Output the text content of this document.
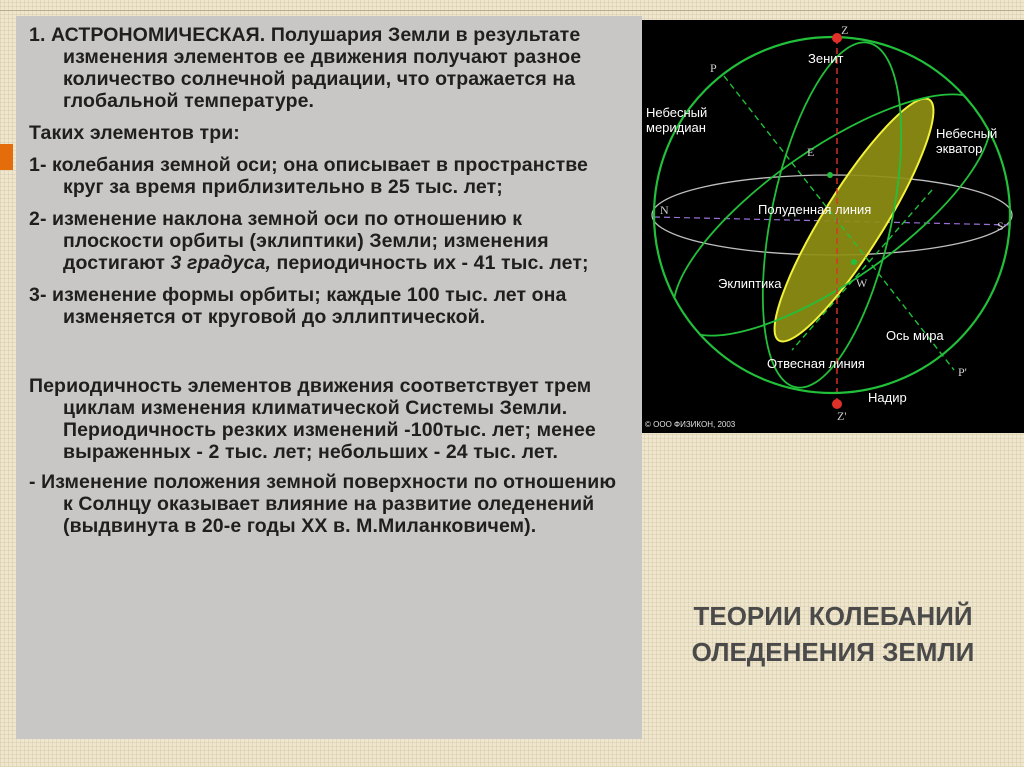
1. АСТРОНОМИЧЕСКАЯ. Полушария Земли в результате изменения элементов ее движения получают разное количество солнечной радиации, что отражается на глобальной температуре.

Таких элементов три:

1- колебания земной оси; она описывает в пространстве круг за время приблизительно в 25 тыс. лет;

2- изменение наклона земной оси по отношению к плоскости орбиты (эклиптики) Земли; изменения достигают 3 градуса, периодичность их - 41 тыс. лет;

3- изменение формы орбиты; каждые 100 тыс. лет она изменяется от круговой до эллиптической.

Периодичность элементов движения соответствует трем циклам изменения климатической Системы Земли. Периодичность резких изменений -100тыс. лет; менее выраженных - 2 тыс. лет; небольших - 24 тыс. лет.

- Изменение положения земной поверхности по отношению к Солнцу оказывает влияние на развитие оледенений (выдвинута в 20-е годы XX в. М.Миланковичем).

Z
Z'
P
P'
E
N
S
W
Зенит
Надир
Небесный
меридиан	Небесный
экватор
Полуденная линия
Эклиптика
Ось мира
Отвесная линия
© ООО ФИЗИКОН, 2003
ТЕОРИИ КОЛЕБАНИЙ
ОЛЕДЕНЕНИЯ ЗЕМЛИ
